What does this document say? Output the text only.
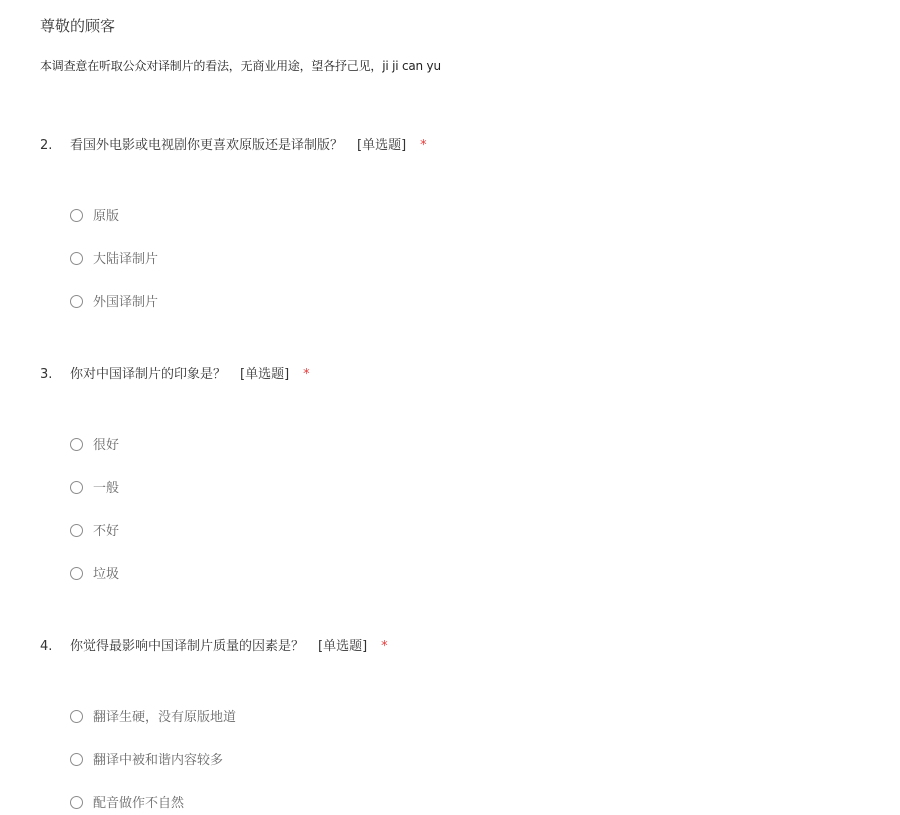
尊敬的顾客
本调查意在听取公众对译制片的看法，无商业用途，望各抒己见，ji ji can yu
2. 看国外电影或电视剧你更喜欢原版还是译制版？ [单选题] *
原版
大陆译制片
外国译制片
3. 你对中国译制片的印象是？ [单选题] *
很好
一般
不好
垃圾
4. 你觉得最影响中国译制片质量的因素是？ [单选题] *
翻译生硬，没有原版地道
翻译中被和谐内容较多
配音做作不自然
